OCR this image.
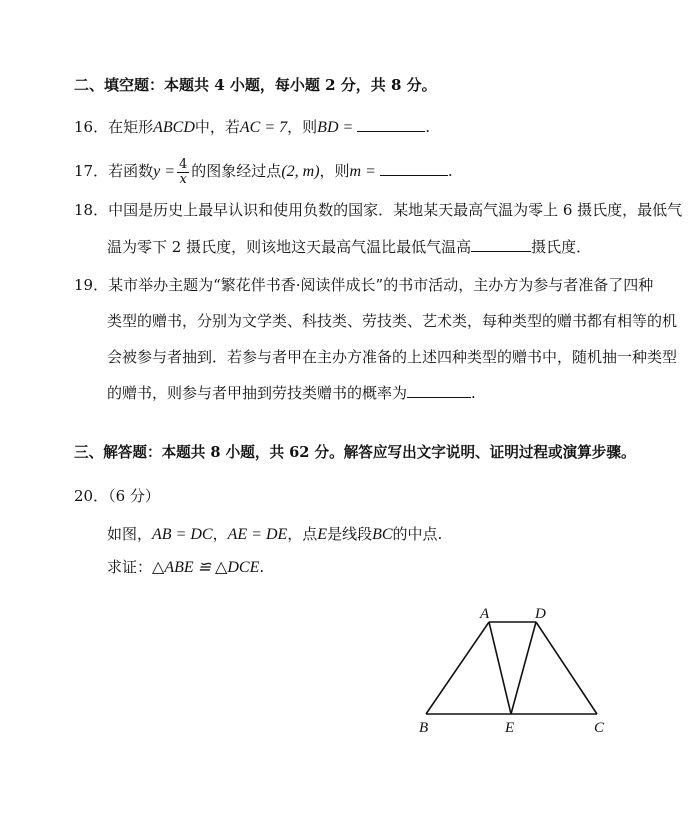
二、填空题：本题共 4 小题，每小题 2 分，共 8 分。
16．在矩形ABCD中，若AC = 7，则BD =	.
17．若函数$y = \frac{4}{x}$ 的图象经过点(2, m)，则m =	.
18．中国是历史上最早认识和使用负数的国家．某地某天最高气温为零上 6 摄氏度，最低气
温为零下 2 摄氏度，则该地这天最高气温比最低气温高	摄氏度．
19．某市举办主题为“繁花伴书香·阅读伴成长”的书市活动，主办方为参与者准备了四种
类型的赠书，分别为文学类、科技类、劳技类、艺术类，每种类型的赠书都有相等的机
会被参与者抽到．若参与者甲在主办方准备的上述四种类型的赠书中，随机抽一种类型
的赠书，则参与者甲抽到劳技类赠书的概率为	.
三、解答题：本题共 8 小题，共 62 分。解答应写出文字说明、证明过程或演算步骤。
20．（6 分）
如图，AB = DC，AE = DE，点E是线段BC的中点.
求证：△ABE ≌ △DCE.
A	D
B	E	C
